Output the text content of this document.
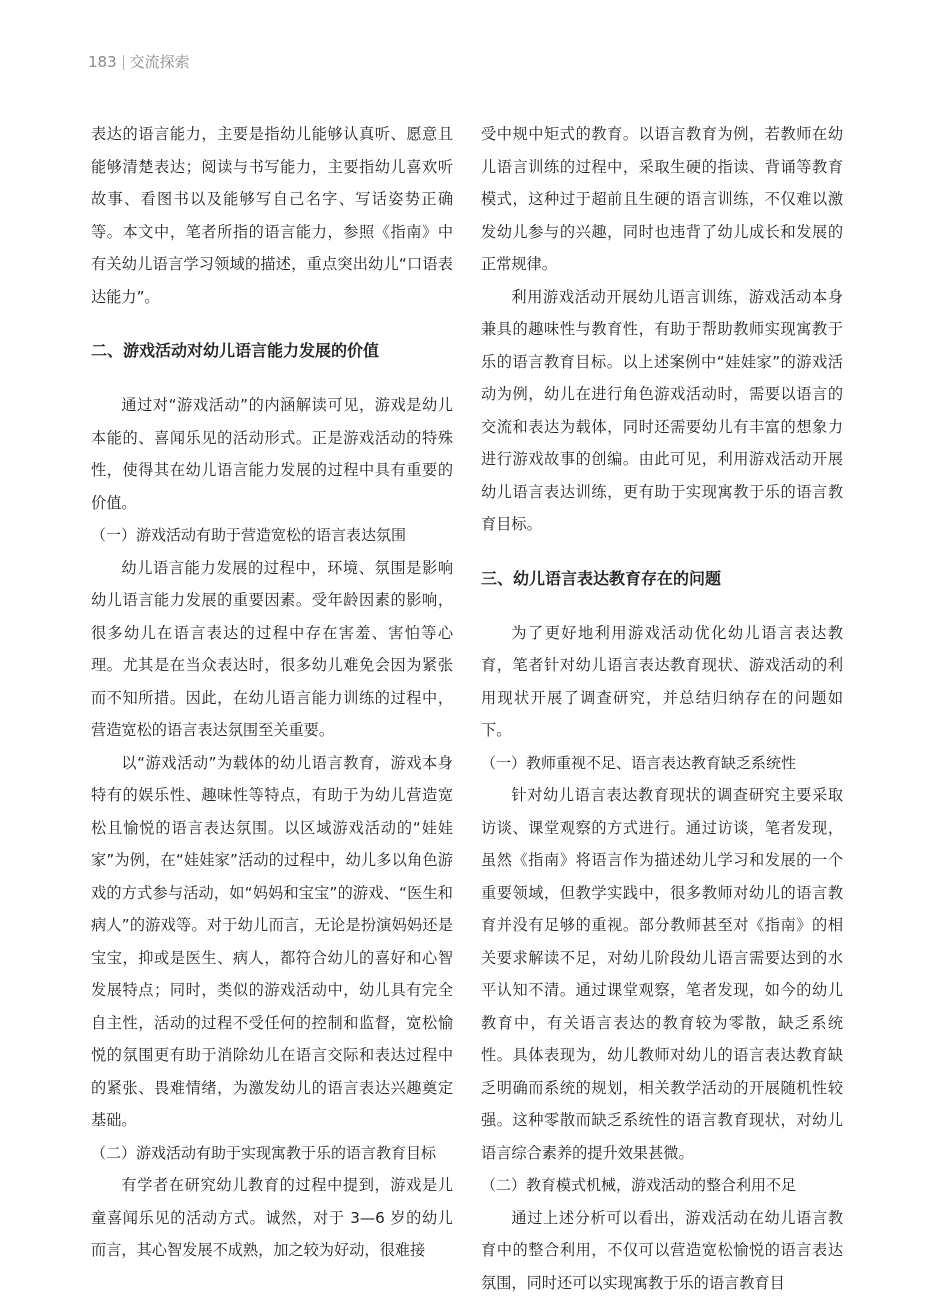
183 交流探索

表达的语言能力，主要是指幼儿能够认真听、愿意且能够清楚表达；阅读与书写能力，主要指幼儿喜欢听故事、看图书以及能够写自己名字、写话姿势正确等。本文中，笔者所指的语言能力，参照《指南》中有关幼儿语言学习领域的描述，重点突出幼儿“口语表达能力”。

二、游戏活动对幼儿语言能力发展的价值

通过对“游戏活动”的内涵解读可见，游戏是幼儿本能的、喜闻乐见的活动形式。正是游戏活动的特殊性，使得其在幼儿语言能力发展的过程中具有重要的价值。

（一）游戏活动有助于营造宽松的语言表达氛围

幼儿语言能力发展的过程中，环境、氛围是影响幼儿语言能力发展的重要因素。受年龄因素的影响，很多幼儿在语言表达的过程中存在害羞、害怕等心理。尤其是在当众表达时，很多幼儿难免会因为紧张而不知所措。因此，在幼儿语言能力训练的过程中，营造宽松的语言表达氛围至关重要。

以“游戏活动”为载体的幼儿语言教育，游戏本身特有的娱乐性、趣味性等特点，有助于为幼儿营造宽松且愉悦的语言表达氛围。以区域游戏活动的“娃娃家”为例，在“娃娃家”活动的过程中，幼儿多以角色游戏的方式参与活动，如“妈妈和宝宝”的游戏、“医生和病人”的游戏等。对于幼儿而言，无论是扮演妈妈还是宝宝，抑或是医生、病人，都符合幼儿的喜好和心智发展特点；同时，类似的游戏活动中，幼儿具有完全自主性，活动的过程不受任何的控制和监督，宽松愉悦的氛围更有助于消除幼儿在语言交际和表达过程中的紧张、畏难情绪，为激发幼儿的语言表达兴趣奠定基础。

（二）游戏活动有助于实现寓教于乐的语言教育目标

有学者在研究幼儿教育的过程中提到，游戏是儿童喜闻乐见的活动方式。诚然，对于 3—6 岁的幼儿而言，其心智发展不成熟，加之较为好动，很难接

受中规中矩式的教育。以语言教育为例，若教师在幼儿语言训练的过程中，采取生硬的指读、背诵等教育模式，这种过于超前且生硬的语言训练，不仅难以激发幼儿参与的兴趣，同时也违背了幼儿成长和发展的正常规律。

利用游戏活动开展幼儿语言训练，游戏活动本身兼具的趣味性与教育性，有助于帮助教师实现寓教于乐的语言教育目标。以上述案例中“娃娃家”的游戏活动为例，幼儿在进行角色游戏活动时，需要以语言的交流和表达为载体，同时还需要幼儿有丰富的想象力进行游戏故事的创编。由此可见，利用游戏活动开展幼儿语言表达训练，更有助于实现寓教于乐的语言教育目标。

三、幼儿语言表达教育存在的问题

为了更好地利用游戏活动优化幼儿语言表达教育，笔者针对幼儿语言表达教育现状、游戏活动的利用现状开展了调查研究，并总结归纳存在的问题如下。

（一）教师重视不足、语言表达教育缺乏系统性

针对幼儿语言表达教育现状的调查研究主要采取访谈、课堂观察的方式进行。通过访谈，笔者发现，虽然《指南》将语言作为描述幼儿学习和发展的一个重要领域，但教学实践中，很多教师对幼儿的语言教育并没有足够的重视。部分教师甚至对《指南》的相关要求解读不足，对幼儿阶段幼儿语言需要达到的水平认知不清。通过课堂观察，笔者发现，如今的幼儿教育中，有关语言表达的教育较为零散，缺乏系统性。具体表现为，幼儿教师对幼儿的语言表达教育缺乏明确而系统的规划，相关教学活动的开展随机性较强。这种零散而缺乏系统性的语言教育现状，对幼儿语言综合素养的提升效果甚微。

（二）教育模式机械，游戏活动的整合利用不足

通过上述分析可以看出，游戏活动在幼儿语言教育中的整合利用，不仅可以营造宽松愉悦的语言表达氛围，同时还可以实现寓教于乐的语言教育目
